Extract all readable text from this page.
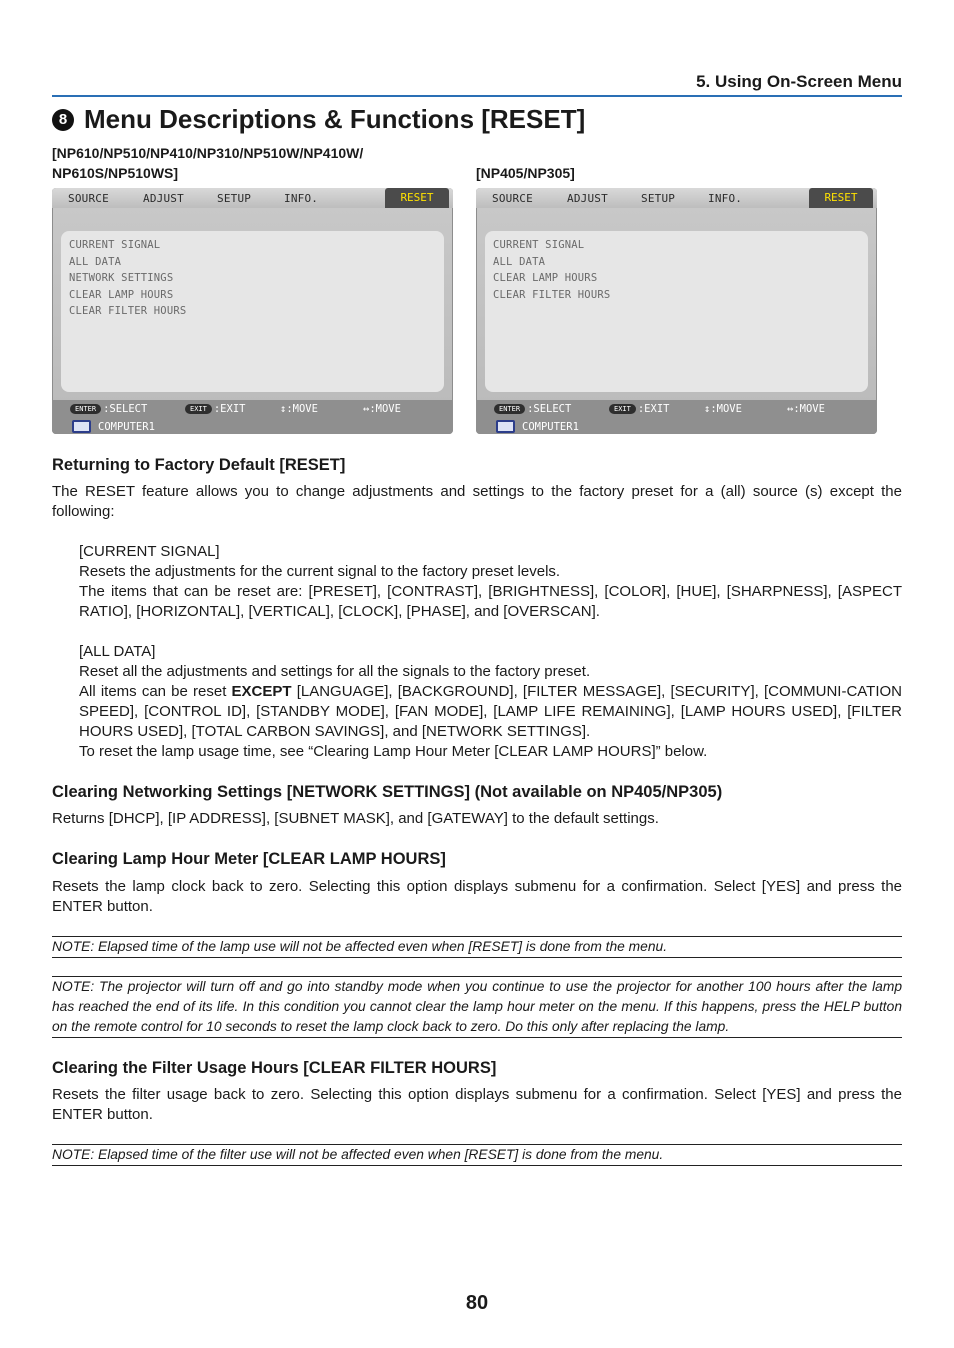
5. Using On-Screen Menu
8 Menu Descriptions & Functions [RESET]
[NP610/NP510/NP410/NP310/NP510W/NP410W/
NP610S/NP510WS]	[NP405/NP305]
SOURCE	ADJUST	SETUP	INFO.	RESET
CURRENT SIGNAL
ALL DATA
NETWORK SETTINGS
CLEAR LAMP HOURS
CLEAR FILTER HOURS
ENTER :SELECT	EXIT :EXIT	↕:MOVE	↔:MOVE
COMPUTER1
SOURCE	ADJUST	SETUP	INFO.	RESET
CURRENT SIGNAL
ALL DATA
CLEAR LAMP HOURS
CLEAR FILTER HOURS
ENTER :SELECT	EXIT :EXIT	↕:MOVE	↔:MOVE
COMPUTER1
Returning to Factory Default [RESET]
The RESET feature allows you to change adjustments and settings to the factory preset for a (all) source (s) except the following:
[CURRENT SIGNAL]
Resets the adjustments for the current signal to the factory preset levels.
The items that can be reset are: [PRESET], [CONTRAST], [BRIGHTNESS], [COLOR], [HUE], [SHARPNESS], [ASPECT RATIO], [HORIZONTAL], [VERTICAL], [CLOCK], [PHASE], and [OVERSCAN].
[ALL DATA]
Reset all the adjustments and settings for all the signals to the factory preset.
All items can be reset EXCEPT [LANGUAGE], [BACKGROUND], [FILTER MESSAGE], [SECURITY], [COMMUNI-CATION SPEED], [CONTROL ID], [STANDBY MODE], [FAN MODE], [LAMP LIFE REMAINING], [LAMP HOURS USED], [FILTER HOURS USED], [TOTAL CARBON SAVINGS], and [NETWORK SETTINGS].
To reset the lamp usage time, see “Clearing Lamp Hour Meter [CLEAR LAMP HOURS]” below.
Clearing Networking Settings [NETWORK SETTINGS] (Not available on NP405/NP305)
Returns [DHCP], [IP ADDRESS], [SUBNET MASK], and [GATEWAY] to the default settings.
Clearing Lamp Hour Meter [CLEAR LAMP HOURS]
Resets the lamp clock back to zero. Selecting this option displays submenu for a confirmation. Select [YES] and press the ENTER button.
NOTE: Elapsed time of the lamp use will not be affected even when [RESET] is done from the menu.
NOTE: The projector will turn off and go into standby mode when you continue to use the projector for another 100 hours after the lamp has reached the end of its life. In this condition you cannot clear the lamp hour meter on the menu. If this happens, press the HELP button on the remote control for 10 seconds to reset the lamp clock back to zero. Do this only after replacing the lamp.
Clearing the Filter Usage Hours [CLEAR FILTER HOURS]
Resets the filter usage back to zero. Selecting this option displays submenu for a confirmation. Select [YES] and press the ENTER button.
NOTE: Elapsed time of the filter use will not be affected even when [RESET] is done from the menu.
80
